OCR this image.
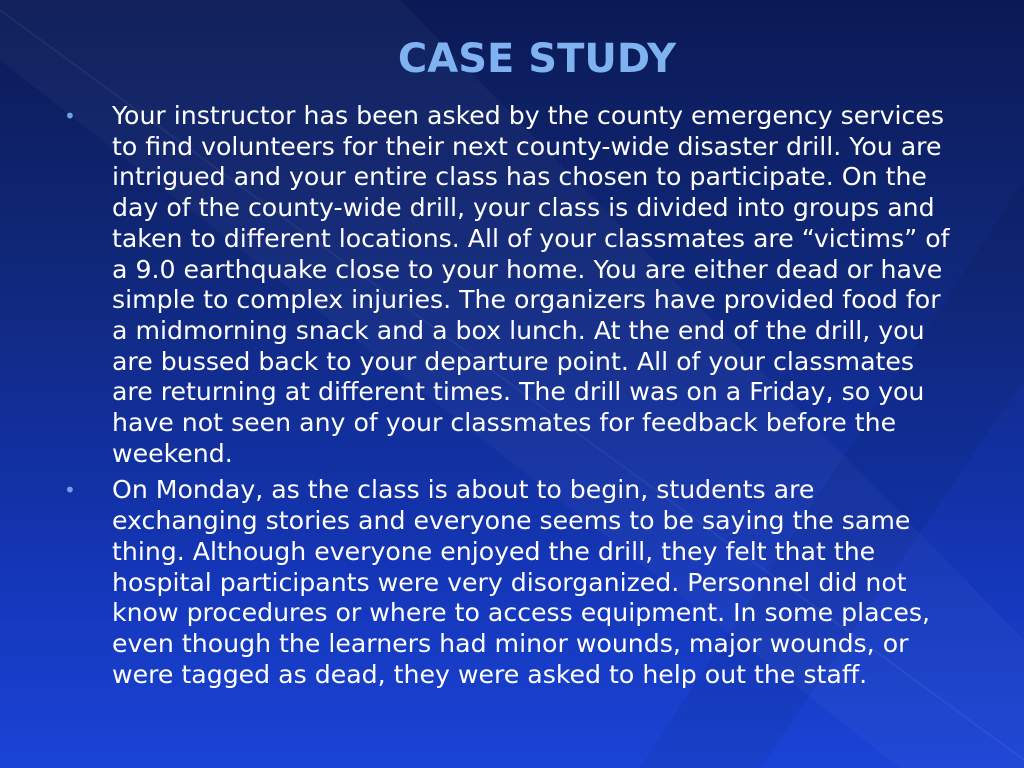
CASE STUDY
• Your instructor has been asked by the county emergency services to find volunteers for their next county-wide disaster drill. You are intrigued and your entire class has chosen to participate. On the day of the county-wide drill, your class is divided into groups and taken to different locations. All of your classmates are “victims” of a 9.0 earthquake close to your home. You are either dead or have simple to complex injuries. The organizers have provided food for a midmorning snack and a box lunch. At the end of the drill, you are bussed back to your departure point. All of your classmates are returning at different times. The drill was on a Friday, so you have not seen any of your classmates for feedback before the weekend.
• On Monday, as the class is about to begin, students are exchanging stories and everyone seems to be saying the same thing. Although everyone enjoyed the drill, they felt that the hospital participants were very disorganized. Personnel did not know procedures or where to access equipment. In some places, even though the learners had minor wounds, major wounds, or were tagged as dead, they were asked to help out the staff.
